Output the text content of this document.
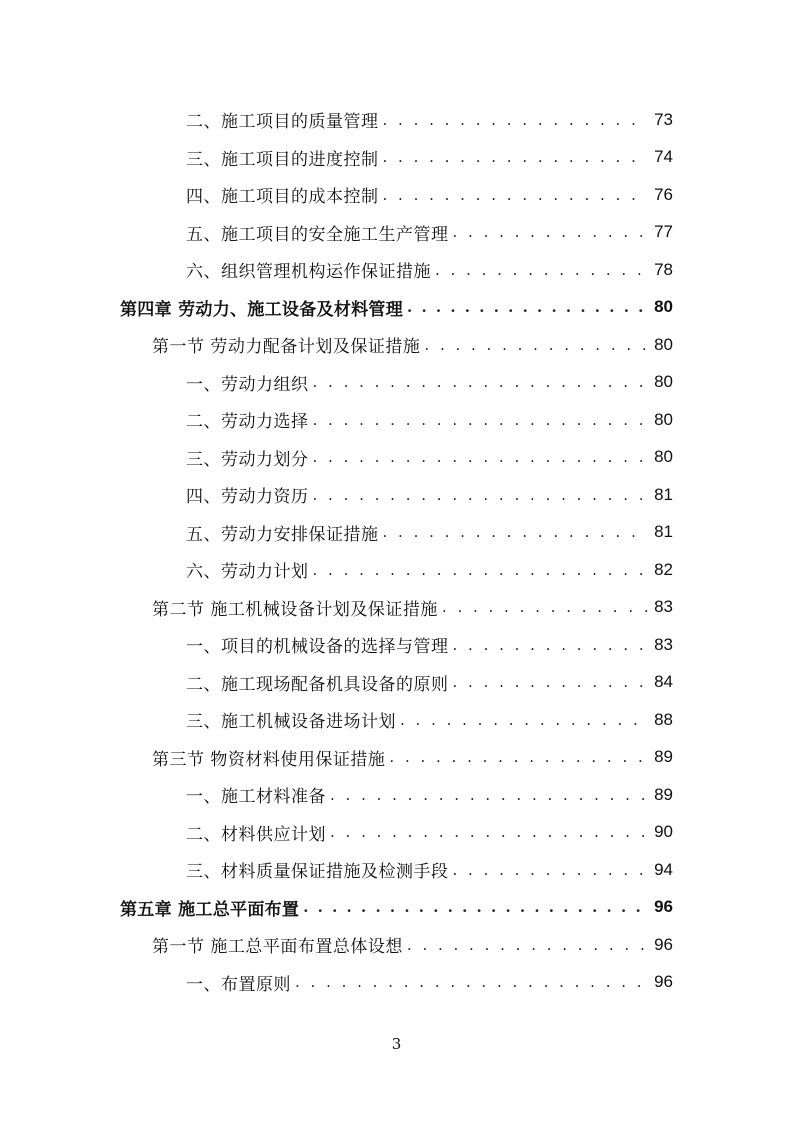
二、施工项目的质量管理 . . .	73
三、施工项目的进度控制 . . .	74
四、施工项目的成本控制 . . .	76
五、施工项目的安全施工生产管理 . . .	77
六、组织管理机构运作保证措施 . . .	78
第四章 劳动力、施工设备及材料管理 . . .	80
第一节 劳动力配备计划及保证措施 . . .	80
一、劳动力组织 . . .	80
二、劳动力选择 . . .	80
三、劳动力划分 . . .	80
四、劳动力资历 . . .	81
五、劳动力安排保证措施 . . .	81
六、劳动力计划 . . .	82
第二节 施工机械设备计划及保证措施 . . .	83
一、项目的机械设备的选择与管理 . . .	83
二、施工现场配备机具设备的原则 . . .	84
三、施工机械设备进场计划 . . .	88
第三节 物资材料使用保证措施 . . .	89
一、施工材料准备 . . .	89
二、材料供应计划 . . .	90
三、材料质量保证措施及检测手段 . . .	94
第五章 施工总平面布置 . . .	96
第一节 施工总平面布置总体设想 . . .	96
一、布置原则 . . .	96
3
